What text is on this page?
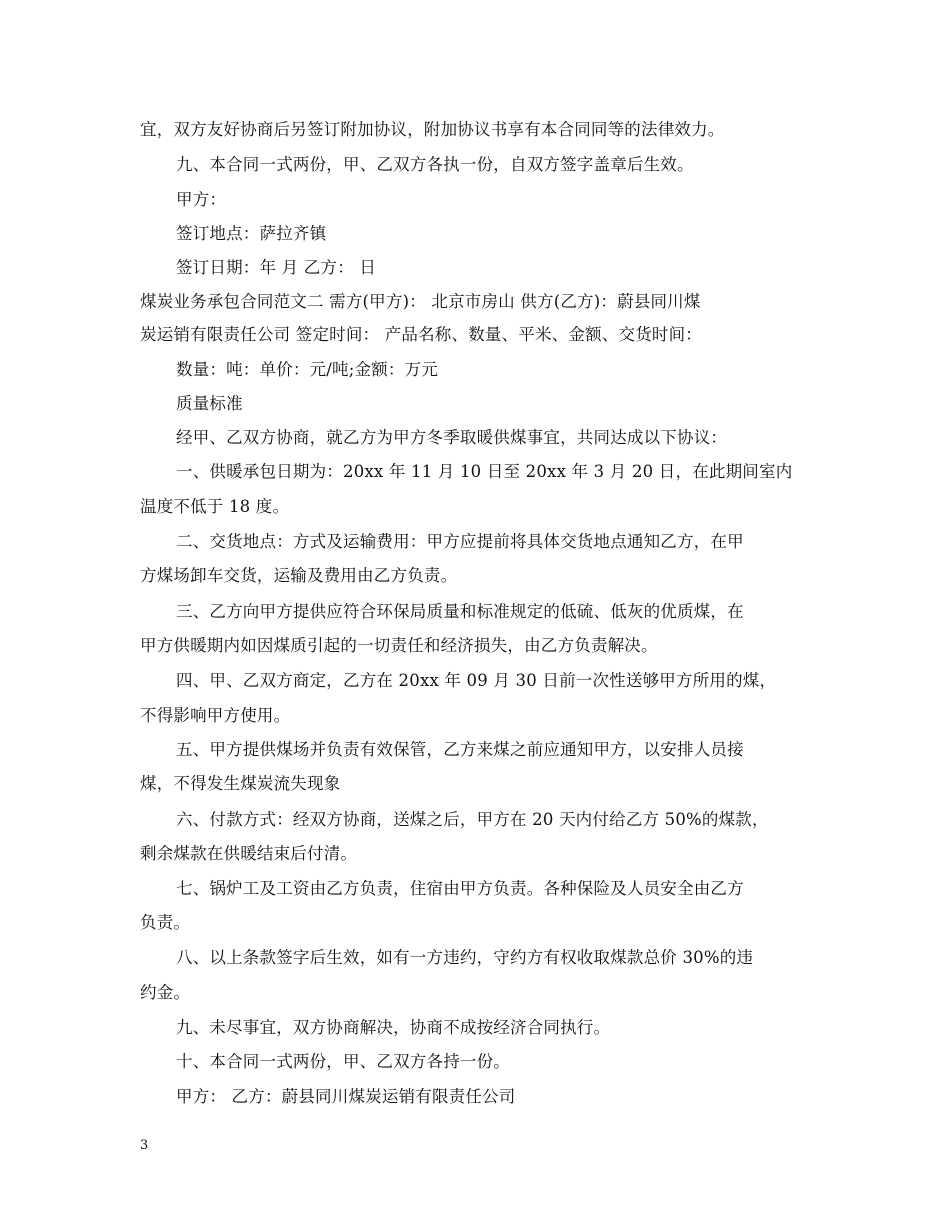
宜，双方友好协商后另签订附加协议，附加协议书享有本合同同等的法律效力。
九、本合同一式两份，甲、乙双方各执一份，自双方签字盖章后生效。
甲方：
签订地点：萨拉齐镇
签订日期：年 月 乙方： 日
煤炭业务承包合同范文二 需方(甲方)： 北京市房山 供方(乙方)：蔚县同川煤
炭运销有限责任公司 签定时间： 产品名称、数量、平米、金额、交货时间：
数量：吨：单价：元/吨;金额：万元
质量标准
经甲、乙双方协商，就乙方为甲方冬季取暖供煤事宜，共同达成以下协议：
一、供暖承包日期为：20xx 年 11 月 10 日至 20xx 年 3 月 20 日，在此期间室内
温度不低于 18 度。
二、交货地点：方式及运输费用：甲方应提前将具体交货地点通知乙方，在甲
方煤场卸车交货，运输及费用由乙方负责。
三、乙方向甲方提供应符合环保局质量和标准规定的低硫、低灰的优质煤，在
甲方供暖期内如因煤质引起的一切责任和经济损失，由乙方负责解决。
四、甲、乙双方商定，乙方在 20xx 年 09 月 30 日前一次性送够甲方所用的煤，
不得影响甲方使用。
五、甲方提供煤场并负责有效保管，乙方来煤之前应通知甲方，以安排人员接
煤，不得发生煤炭流失现象
六、付款方式：经双方协商，送煤之后，甲方在 20 天内付给乙方 50%的煤款，
剩余煤款在供暖结束后付清。
七、锅炉工及工资由乙方负责，住宿由甲方负责。各种保险及人员安全由乙方
负责。
八、以上条款签字后生效，如有一方违约，守约方有权收取煤款总价 30%的违
约金。
九、未尽事宜，双方协商解决，协商不成按经济合同执行。
十、本合同一式两份，甲、乙双方各持一份。
甲方： 乙方：蔚县同川煤炭运销有限责任公司
3
